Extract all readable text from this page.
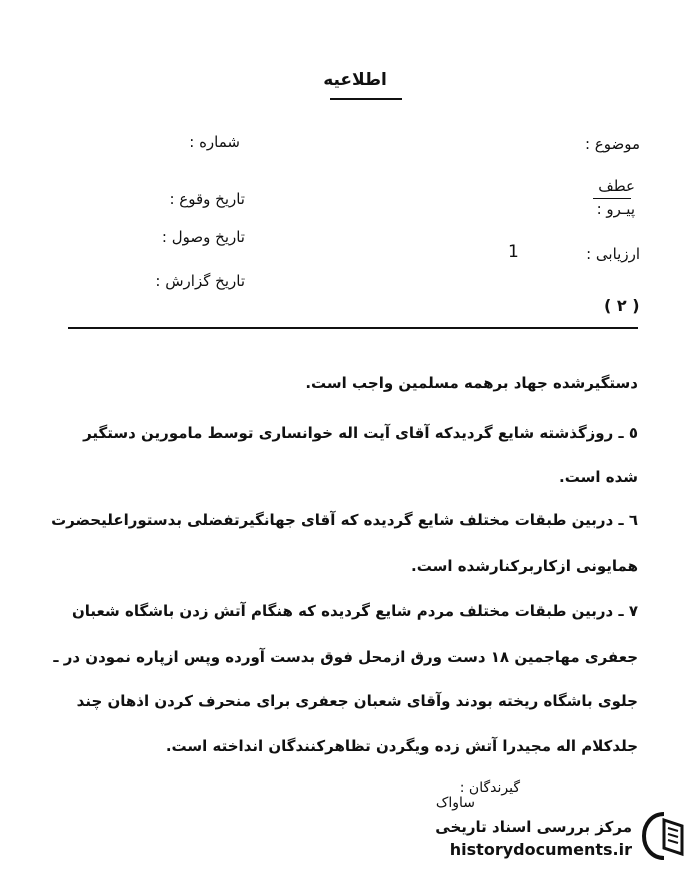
اطلاعیه
موضوع :
شماره :
عطف
پیـرو :
تاریخ وقوع :
تاریخ وصول :
ارزیابی :
1
تاریخ گزارش :
( ٢ )
دستگیرشده جهاد برهمه مسلمین واجب است.
٥ ـ روزگذشته شایع گردیدکه آقای آیت اله خوانساری توسط مامورین دستگیر
شده است.
٦ ـ دربین طبقات مختلف شایع گردیده که آقای جهانگیرتفضلی بدستوراعلیحضرت
همایونی ازکاربرکنارشده است.
٧ ـ دربین طبقات مختلف مردم شایع گردیده که هنگام آتش زدن باشگاه شعبان
جعفری مهاجمین ١٨ دست ورق ازمحل فوق بدست آورده وپس ازپاره نمودن در ـ
جلوی باشگاه ریخته بودند وآقای شعبان جعفری برای منحرف کردن اذهان چند
جلدکلام اله مجیدرا آتش زده ویگردن تظاهرکنندگان انداخته است.
گیرندگان :
ساواک
مرکز بررسی اسناد تاریخی
historydocuments.ir
